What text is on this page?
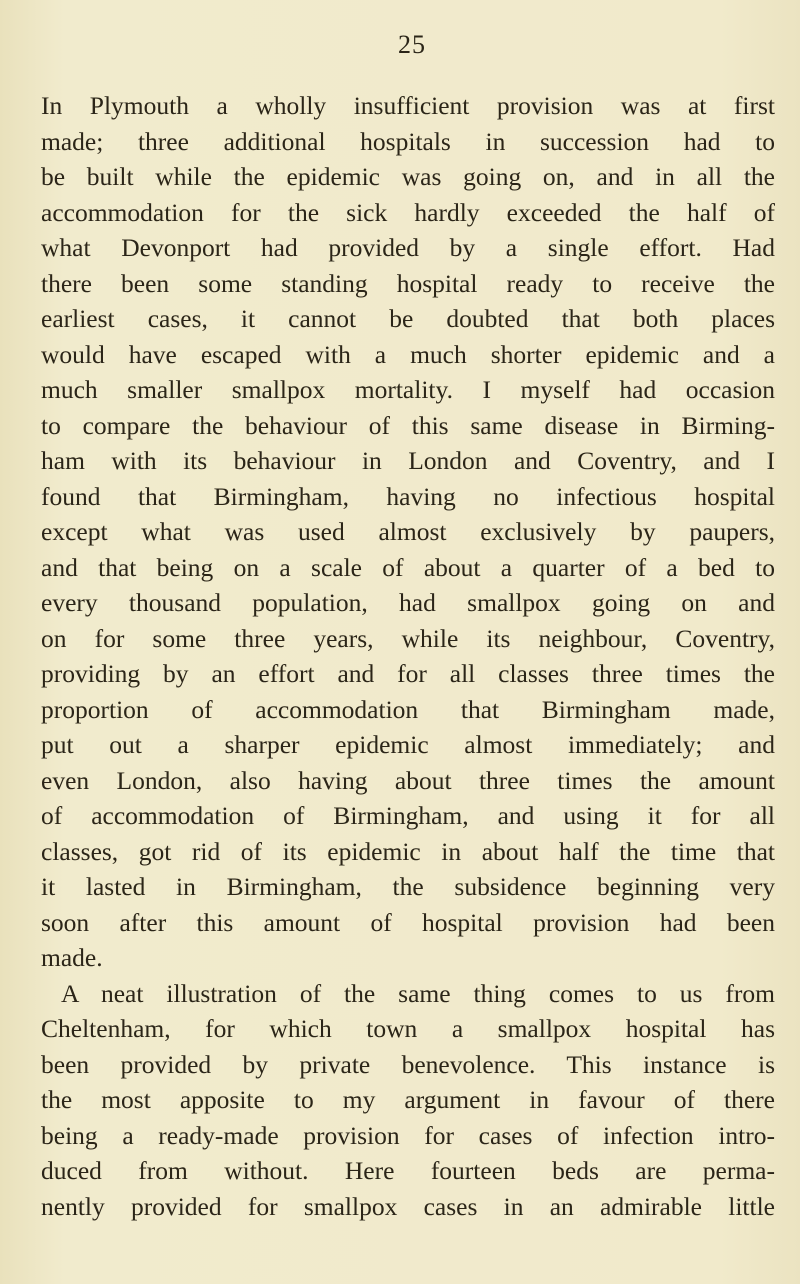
25
In Plymouth a wholly insufficient provision was at first
made; three additional hospitals in succession had to
be built while the epidemic was going on, and in all the
accommodation for the sick hardly exceeded the half of
what Devonport had provided by a single effort. Had
there been some standing hospital ready to receive the
earliest cases, it cannot be doubted that both places
would have escaped with a much shorter epidemic and a
much smaller smallpox mortality. I myself had occasion
to compare the behaviour of this same disease in Birming-
ham with its behaviour in London and Coventry, and I
found that Birmingham, having no infectious hospital
except what was used almost exclusively by paupers,
and that being on a scale of about a quarter of a bed to
every thousand population, had smallpox going on and
on for some three years, while its neighbour, Coventry,
providing by an effort and for all classes three times the
proportion of accommodation that Birmingham made,
put out a sharper epidemic almost immediately; and
even London, also having about three times the amount
of accommodation of Birmingham, and using it for all
classes, got rid of its epidemic in about half the time that
it lasted in Birmingham, the subsidence beginning very
soon after this amount of hospital provision had been
made.
A neat illustration of the same thing comes to us from
Cheltenham, for which town a smallpox hospital has
been provided by private benevolence. This instance is
the most apposite to my argument in favour of there
being a ready-made provision for cases of infection intro-
duced from without. Here fourteen beds are perma-
nently provided for smallpox cases in an admirable little
